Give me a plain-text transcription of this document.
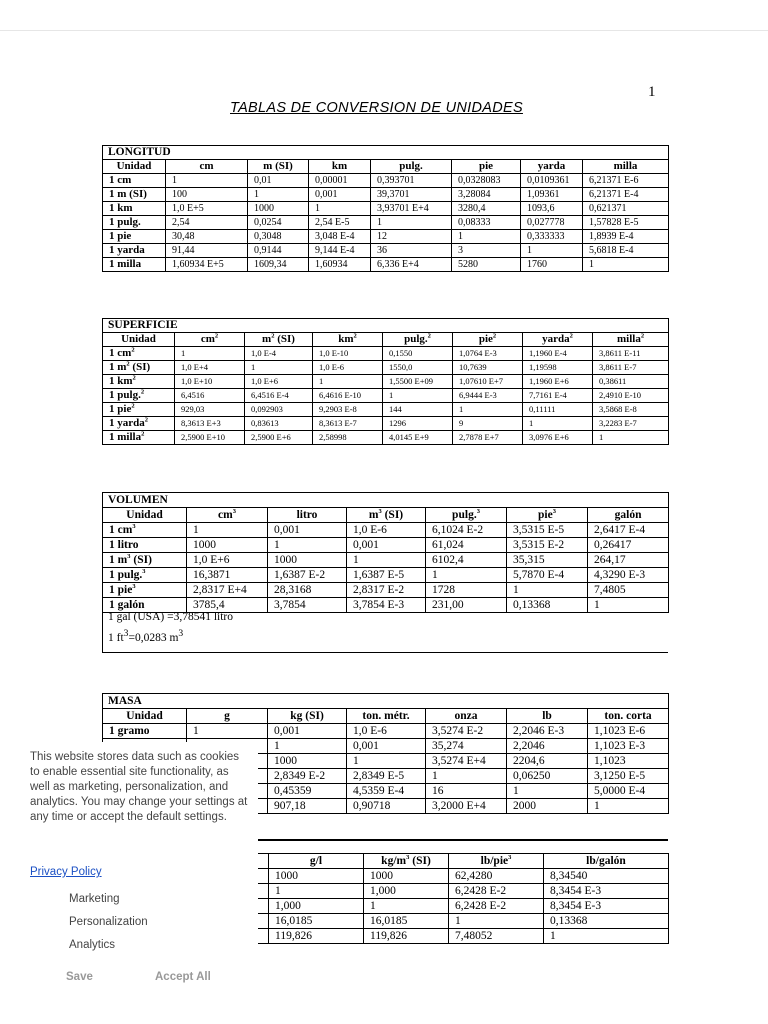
1
TABLAS DE CONVERSION DE UNIDADES
LONGITUD							
Unidad	cm	m (SI)	km	pulg.	pie	yarda	milla
1 cm	1	0,01	0,00001	0,393701	0,0328083	0,0109361	6,21371 E-6
1 m (SI)	100	1	0,001	39,3701	3,28084	1,09361	6,21371 E-4
1 km	1,0 E+5	1000	1	3,93701 E+4	3280,4	1093,6	0,621371
1 pulg.	2,54	0,0254	2,54 E-5	1	0,08333	0,027778	1,57828 E-5
1 pie	30,48	0,3048	3,048 E-4	12	1	0,333333	1,8939 E-4
1 yarda	91,44	0,9144	9,144 E-4	36	3	1	5,6818 E-4
1 milla	1,60934 E+5	1609,34	1,60934	6,336 E+4	5280	1760	1
SUPERFICIE							
Unidad	$cm^2$	$m^2$ (SI)	$km^2$	pulg.$^2$	pie$^2$	yarda$^2$	milla$^2$
1 $cm^2$	1	1,0 E-4	1,0 E-10	0,1550	1,0764 E-3	1,1960 E-4	3,8611 E-11
1 $m^2$ (SI)	1,0 E+4	1	1,0 E-6	1550,0	10,7639	1,19598	3,8611 E-7
1 $km^2$	1,0 E+10	1,0 E+6	1	1,5500 E+09	1,07610 E+7	1,1960 E+6	0,38611
1 pulg.$^2$	6,4516	6,4516 E-4	6,4616 E-10	1	6,9444 E-3	7,7161 E-4	2,4910 E-10
1 pie$^2$	929,03	0,092903	9,2903 E-8	144	1	0,11111	3,5868 E-8
1 yarda$^2$	8,3613 E+3	0,83613	8,3613 E-7	1296	9	1	3,2283 E-7
1 milla$^2$	2,5900 E+10	2,5900 E+6	2,58998	4,0145 E+9	2,7878 E+7	3,0976 E+6	1
VOLUMEN						
Unidad	$cm^3$	litro	$m^3$ (SI)	pulg.$^3$	pie$^3$	galón
1 $cm^3$	1	0,001	1,0 E-6	6,1024 E-2	3,5315 E-5	2,6417 E-4
1 litro	1000	1	0,001	61,024	3,5315 E-2	0,26417
1 $m^3$ (SI)	1,0 E+6	1000	1	6102,4	35,315	264,17
1 pulg.$^3$	16,3871	1,6387 E-2	1,6387 E-5	1	5,7870 E-4	4,3290 E-3
1 pie$^3$	2,8317 E+4	28,3168	2,8317 E-2	1728	1	7,4805
1 galón	3785,4	3,7854	3,7854 E-3	231,00	0,13368	1
1 gal (USA) =3,78541 litro
1 $ft^3=0,0283$ $m^3$
MASA						
Unidad	g	kg (SI)	ton. métr.	onza	lb	ton. corta
1 gramo	1	0,001	1,0 E-6	3,5274 E-2	2,2046 E-3	1,1023 E-6
		1	0,001	35,274	2,2046	1,1023 E-3
		1000	1	3,5274 E+4	2204,6	1,1023
		2,8349 E-2	2,8349 E-5	1	0,06250	3,1250 E-5
		0,45359	4,5359 E-4	16	1	5,0000 E-4
		907,18	0,90718	3,2000 E+4	2000	1
	g/l	$kg/m^3$ (SI)	lb/pie$^3$	lb/galón
	1000	1000	62,4280	8,34540
	1	1,000	6,2428 E-2	8,3454 E-3
	1,000	1	6,2428 E-2	8,3454 E-3
	16,0185	16,0185	1	0,13368
	119,826	119,826	7,48052	1
This website stores data such as cookies to enable essential site functionality, as well as marketing, personalization, and analytics. You may change your settings at any time or accept the default settings.
Privacy Policy
Marketing
Personalization
Analytics
Save	Accept All
